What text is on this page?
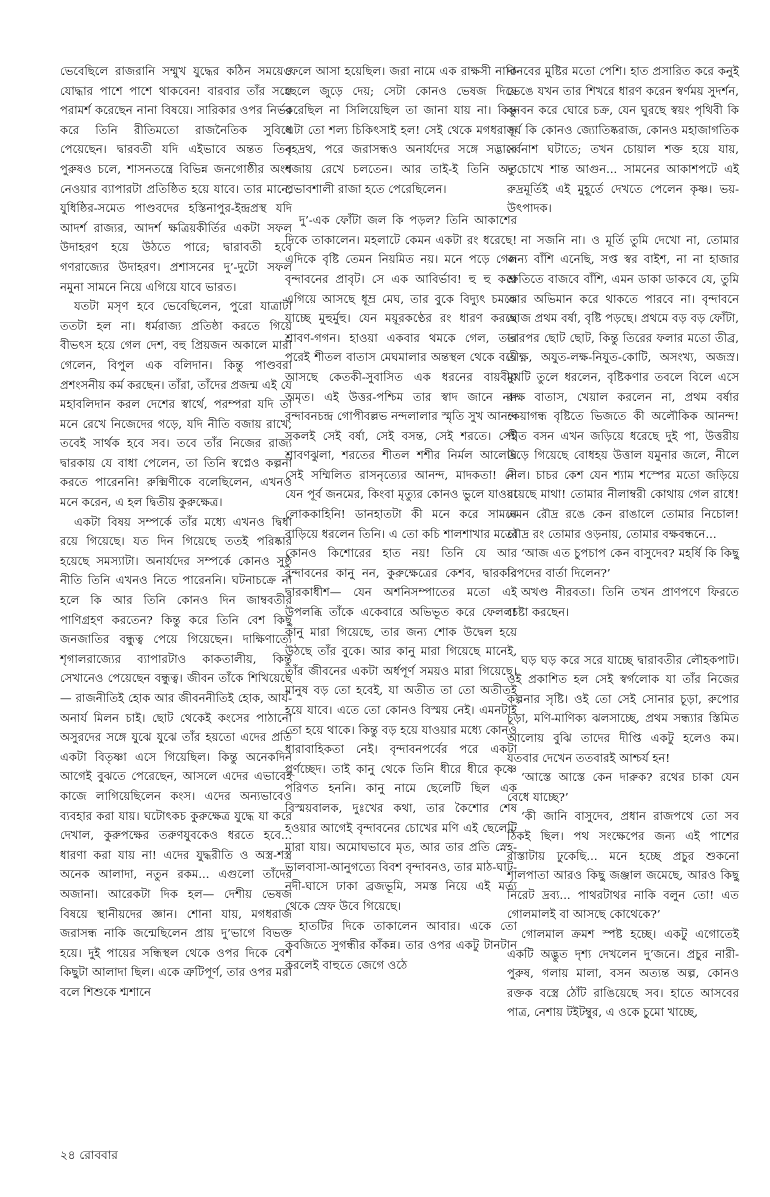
ভেবেছিলে রাজরানি সম্মুখ যুদ্ধের কঠিন সময়েও যোদ্ধার পাশে পাশে থাকবেন! বারবার তাঁর সঙ্গে পরামর্শ করেছেন নানা বিষয়ে। সারিকার ওপর নির্ভর করে তিনি রীতিমতো রাজনৈতিক সুবিধে পেয়েছেন। দ্বারবতী যদি এইভাবে অন্তত তিন পুরুষও চলে, শাসনতন্ত্রে বিভিন্ন জনগোষ্ঠীর অংশ নেওয়ার ব্যাপারটা প্রতিষ্ঠিত হয়ে যাবে। তার মানে, যুধিষ্ঠির-সমেত পাণ্ডবদের হস্তিনাপুর-ইন্দ্রপ্রস্থ যদি আদর্শ রাজ্যর, আদর্শ ক্ষত্রিয়কীর্তির একটা সফল উদাহরণ হয়ে উঠতে পারে; দ্বারাবতী হবে গণরাজ্যের উদাহরণ। প্রশাসনের দু’-দুটো সফল নমুনা সামনে নিয়ে এগিয়ে যাবে ভারত।

যতটা মসৃণ হবে ভেবেছিলেন, পুরো যাত্রাটা ততটা হল না। ধর্মরাজ্য প্রতিষ্ঠা করতে গিয়ে বীভৎস হয়ে গেল দেশ, বহু প্রিয়জন অকালে মারা গেলেন, বিপুল এক বলিদান। কিন্তু পাণ্ডবরা প্রশংসনীয় কর্ম করছেন। তাঁরা, তাঁদের প্রজন্ম এই যে মহাবলিদান করল দেশের স্বার্থে, পরম্পরা যদি তা মনে রেখে নিজেদের গড়ে, যদি নীতি বজায় রাখে, তবেই সার্থক হবে সব। তবে তাঁর নিজের রাজ্য দ্বারকায় যে বাধা পেলেন, তা তিনি স্বপ্নেও কল্পনা করতে পারেননি! রুক্মিণীকে বলেছিলেন, এখনও মনে করেন, এ হল দ্বিতীয় কুরুক্ষেত্র।

একটা বিষয় সম্পর্কে তাঁর মধ্যে এখনও দ্বিধা রয়ে গিয়েছে। যত দিন গিয়েছে ততই পরিষ্কার হয়েছে সমস্যাটা। অনার্যদের সম্পর্কে কোনও সুষ্ঠু নীতি তিনি এখনও নিতে পারেননি। ঘটনাচক্রে না হলে কি আর তিনি কোনও দিন জাম্ববতীর পাণিগ্রহণ করতেন? কিন্তু করে তিনি বেশ কিছু জনজাতির বন্ধুত্ব পেয়ে গিয়েছেন। দাক্ষিণাত্যে শৃগালরাজ্যের ব্যাপারটাও কাকতালীয়, কিন্তু সেখানেও পেয়েছেন বন্ধুত্ব। জীবন তাঁকে শিখিয়েছে— রাজনীতিই হোক আর জীবননীতিই হোক, আর্য-অনার্য মিলন চাই। ছোট থেকেই কংসের পাঠানো অসুরদের সঙ্গে যুঝে যুঝে তাঁর হয়তো এদের প্রতি একটা বিতৃষ্ণা এসে গিয়েছিল। কিন্তু অনেকদিন আগেই বুঝতে পেরেছেন, আসলে এদের এভাবেই কাজে লাগিয়েছিলেন কংস। এদের অন্যভাবেও ব্যবহার করা যায়। ঘটোৎকচ কুরুক্ষেত্র যুদ্ধে যা করে দেখাল, কুরুপক্ষের তরুণযুবকেও ধরতে হবে... ধারণা করা যায় না! এদের যুদ্ধরীতি ও অস্ত্র-শস্ত্র অনেক আলাদা, নতুন রকম... এগুলো তাঁদের অজানা। আরেকটা দিক হল— দেশীয় ভেষজ বিষয়ে স্থানীয়দের জ্ঞান। শোনা যায়, মগধরাজ জরাসন্ধ নাকি জন্মেছিলেন প্রায় দু’ভাগে বিভক্ত হয়ে। দুই পায়ের সন্ধিস্থল থেকে ওপর দিকে বেশ কিছুটা আলাদা ছিল। একে ত্রুটিপূর্ণ, তার ওপর মরা বলে শিশুকে শ্মশানে

ফেলে আসা হয়েছিল। জরা নামে এক রাক্ষসী নাকি ছেলে জুড়ে দেয়; সেটা কোনও ভেষজ দিয়ে করেছিল না সিলিয়েছিল তা জানা যায় না। কিন্তু এটা তো শল্য চিকিৎসাই হল! সেই থেকে মগধরাজ বৃহদ্রথ, পরে জরাসন্ধও অনার্যদের সঙ্গে সদ্ভাবে বজায় রেখে চলতেন। আর তাই-ই তিনি অত প্রভাবশালী রাজা হতে পেরেছিলেন।

দু’-এক ফোঁটা জল কি পড়ল? তিনি আকাশের দিকে তাকালেন। মহলাটে কেমন একটা রং ধরেছে! এদিকে বৃষ্টি তেমন নিয়মিত নয়। মনে পড়ে গেল বৃন্দাবনের প্রাবৃট। সে এক আবির্ভাব! হু হু করে এগিয়ে আসছে ধূম্র মেঘ, তার বুকে বিদ্যুৎ চমকে যাচ্ছে মুহুর্মুহু। যেন ময়ূরকণ্ঠের রং ধারণ করছে শ্রাবণ-গগন। হাওয়া একবার থমকে গেল, তার পরেই শীতল বাতাস মেঘমালার অন্তস্থল থেকে বয়ে আসছে কেতকী-সুবাসিত এক ধরনের বায়বীয় অমৃত। এই উত্তর-পশ্চিম তার স্বাদ জানে না। বৃন্দাবনচন্দ্র গোপীবল্লভ নন্দলালার স্মৃতি সুখ আনন্দ সকলই সেই বর্ষা, সেই বসন্ত, সেই শরতে। সেই শ্রাবণঝুলা, শরতের শীতল শশীর নির্মল আলোয় সেই সম্মিলিত রাসনৃত্যের আনন্দ, মাদকতা! সে যেন পূর্ব জনমের, কিংবা মৃত্যুর কোনও ভুলে যাওয়া লোককাহিনি! ডানহাতটা কী মনে করে সামনে বাড়িয়ে ধরলেন তিনি। এ তো কচি শালশাখার মতো কোনও কিশোরের হাত নয়! তিনি যে আর বৃন্দাবনের কানু নন, কুরুক্ষেত্রের কেশব, দ্বারকার দ্বারকাধীশ— যেন অশনিসম্পাতের মতো এই উপলব্ধি তাঁকে একেবারে অভিভূত করে ফেলল! কানু মারা গিয়েছে, তার জন্য শোক উদ্বেল হয়ে উঠছে তাঁর বুকে। আর কানু মারা গিয়েছে মানেই, তাঁর জীবনের একটা অর্ধপূর্ণ সময়ও মারা গিয়েছে। মানুষ বড় তো হবেই, যা অতীত তা তো অতীতই হয়ে যাবে। এতে তো কোনও বিস্ময় নেই। এমনটাই তো হয়ে থাকে। কিন্তু বড় হয়ে যাওয়ার মধ্যে কোনও ধারাবাহিকতা নেই। বৃন্দাবনপর্বের পরে একটা পূর্ণচ্ছেদ। তাই কানু থেকে তিনি ধীরে ধীরে কৃষ্ণে পরিণত হননি। কানু নামে ছেলেটি ছিল এক বিস্ময়বালক, দুঃখের কথা, তার কৈশোর শেষ হওয়ার আগেই বৃন্দাবনের চোখের মণি এই ছেলেটি মারা যায়। অমোঘভাবে মৃত, আর তার প্রতি স্নেহ-ভালবাসা-আনুগত্যে বিবশ বৃন্দাবনও, তার মাঠ-ঘাট-নদী-ঘাসে ঢাকা ব্রজভূমি, সমস্ত নিয়ে এই মর্ত্য থেকে স্রেফ উবে গিয়েছে।

হাতটির দিকে তাকালেন আবার। একে তো কবজিতে সুগন্ধীর কাঁকন্ন। তার ওপর একটু টানটান করলেই বাহুতে জেগে ওঠে

দানবের মুষ্টির মতো পেশি। হাত প্রসারিত করে কনুই ভেঙে যখন তার শিখরে ধারণ করেন স্বর্ণময় সুদর্শন, বনবন করে ঘোরে চক্র, যেন ঘুরছে স্বয়ং পৃথিবী কি সূর্য কি কোনও জ্যোতিষ্করাজ, কোনও মহাজাগতিক সর্বনাশ ঘটাতে; তখন চোয়াল শক্ত হয়ে যায়, দু’চোখে শান্ত আগুন... সামনের আকাশপটে এই রুদ্রমূর্তিই এই মুহূর্তে দেখতে পেলেন কৃষ্ণ। ভয়-উৎপাদক।

না সজনি না। ও মূর্তি তুমি দেখো না, তোমার জন্য বাঁশি এনেছি, সপ্ত স্বর বাইশ, না না হাজার শ্রুতিতে বাজবে বাঁশি, এমন ডাকা ডাকবে যে, তুমি আর অভিমান করে থাকতে পারবে না। বৃন্দাবনে আজ প্রথম বর্ষা, বৃষ্টি পড়ছে। প্রথমে বড় বড় ফোঁটা, তারপর ছোট ছোট, কিন্তু তিরের ফলার মতো তীব্র, তীক্ষ্ণ, অযুত-লক্ষ-নিযুত-কোটি, অসংখ্য, অজস্র। মুখটি তুলে ধরলেন, বৃষ্টিকণার তবলে বিলে এসে রুক্ষ বাতাস, খেয়াল করলেন না, প্রথম বর্ষার কেয়াগন্ধ বৃষ্টিতে ভিজতে কী অলৌকিক আনন্দ! পীত বসন এখন জড়িয়ে ধরেছে দুই পা, উত্তরীয় উড়ে গিয়েছে বোধহয় উত্তাল যমুনার জলে, নীলে নীল। চাচর কেশ যেন শ্যাম শস্পের মতো জড়িয়ে রয়েছে মাথা! তোমার নীলাম্বরী কোথায় গেল রাধে! এমন রৌদ্র রঙে কেন রাঙালে তোমার নিচোল! রৌদ্র রং তোমার ওড়নায়, তোমার বক্ষবন্ধনে...

‘আজ এত চুপচাপ কেন বাসুদেব? মহর্ষি কি কিছু বিপদের বার্তা দিলেন?’

অখণ্ড নীরবতা। তিনি তখন প্রাণপণে ফিরতে চেষ্টা করছেন।

ঘড় ঘড় করে সরে যাচ্ছে দ্বারাবতীর লৌহকপাট। ওই প্রকাশিত হল সেই স্বর্গলোক যা তাঁর নিজের কল্পনার সৃষ্টি। ওই তো সেই সোনার চূড়া, রুপোর চূড়া, মণি-মাণিক্য ঝলসাচ্ছে, প্রথম সন্ধ্যার স্তিমিত আলোয় বুঝি তাদের দীপ্তি একটু হলেও কম। যতবার দেখেন ততবারই আশ্চর্য হন!

‘আস্তে আস্তে কেন দারুক? রথের চাকা যেন বেধে যাচ্ছে?’

‘কী জানি বাসুদেব, প্রধান রাজপথে তো সব ঠিকই ছিল। পথ সংক্ষেপের জন্য এই পাশের রাস্তাটায় ঢুকেছি... মনে হচ্ছে প্রচুর শুকনো শালপাতা আরও কিছু জঞ্জাল জমেছে, আরও কিছু নিরেট দ্রব্য... পাথরটাথর নাকি বলুন তো! এত গোলমালই বা আসছে কোথেকে?’

গোলমাল ক্রমশ স্পষ্ট হচ্ছে। একটু এগোতেই একটি অদ্ভুত দৃশ্য দেখলেন দু’জনে। প্রচুর নারী-পুরুষ, গলায় মালা, বসন অত্যন্ত অল্প, কোনও রক্তক বস্ত্রে ঠোঁট রাঙিয়েছে সব। হাতে আসবের পাত্র, নেশায় টইটম্বুর, এ ওকে চুমো খাচ্ছে,

২৪ রোববার
